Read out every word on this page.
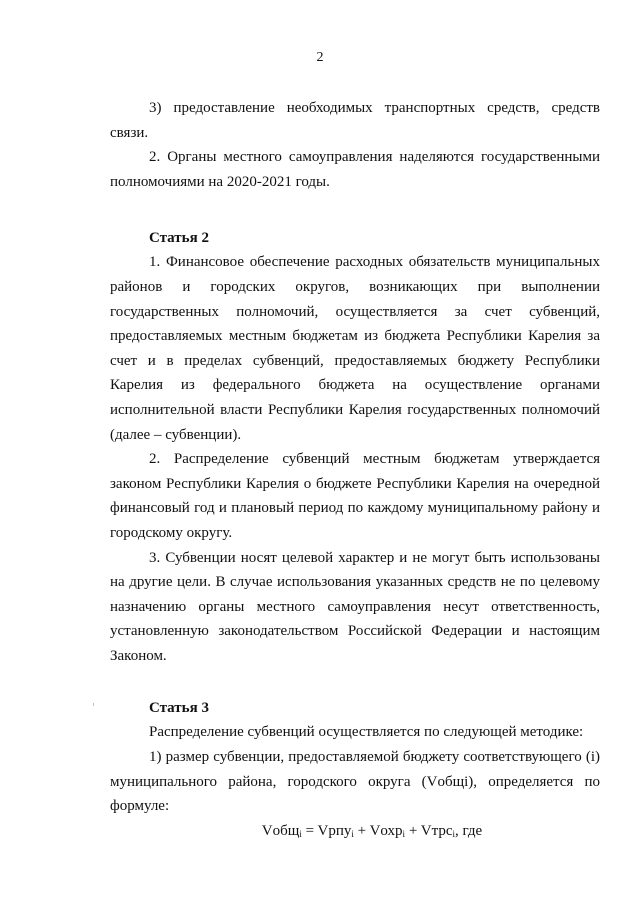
2

3) предоставление необходимых транспортных средств, средств связи.

2. Органы местного самоуправления наделяются государственными полномочиями на 2020-2021 годы.

Статья 2

1. Финансовое обеспечение расходных обязательств муниципальных районов и городских округов, возникающих при выполнении государственных полномочий, осуществляется за счет субвенций, предоставляемых местным бюджетам из бюджета Республики Карелия за счет и в пределах субвенций, предоставляемых бюджету Республики Карелия из федерального бюджета на осуществление органами исполнительной власти Республики Карелия государственных полномочий (далее – субвенции).

2. Распределение субвенций местным бюджетам утверждается законом Республики Карелия о бюджете Республики Карелия на очередной финансовый год и плановый период по каждому муниципальному району и городскому округу.

3. Субвенции носят целевой характер и не могут быть использованы на другие цели. В случае использования указанных средств не по целевому назначению органы местного самоуправления несут ответственность, установленную законодательством Российской Федерации и настоящим Законом.

Статья 3

Распределение субвенций осуществляется по следующей методике:

1) размер субвенции, предоставляемой бюджету соответствующего (i) муниципального района, городского округа (Vобщi), определяется по формуле:

Vобщ$_i$ = Vрпу$_i$ + Vохр$_i$ + Vтрс$_i$, где
